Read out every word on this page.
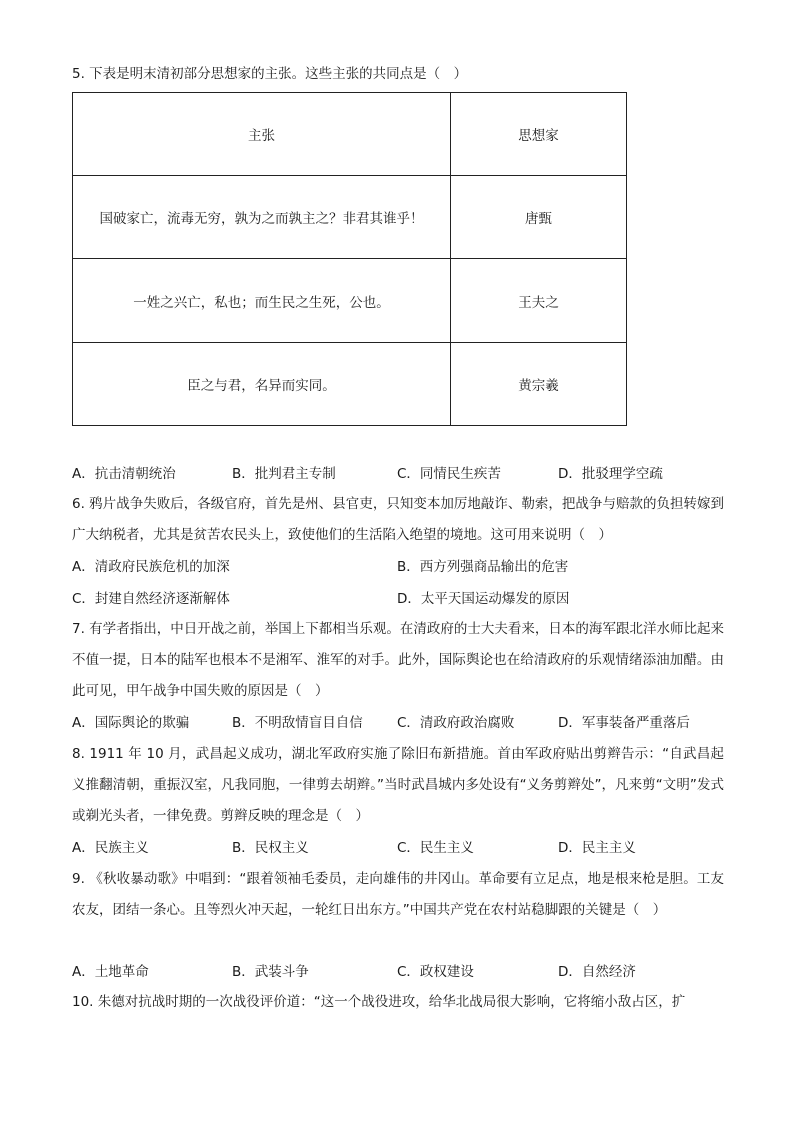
5. 下表是明末清初部分思想家的主张。这些主张的共同点是（　）
主张	思想家
国破家亡，流毒无穷，孰为之而孰主之？非君其谁乎！	唐甄
一姓之兴亡，私也；而生民之生死，公也。	王夫之
臣之与君，名异而实同。	黄宗羲
A．抗击清朝统治	B．批判君主专制	C．同情民生疾苦	D．批驳理学空疏
6. 鸦片战争失败后，各级官府，首先是州、县官吏，只知变本加厉地敲诈、勒索，把战争与赔款的负担转嫁到广大纳税者，尤其是贫苦农民头上，致使他们的生活陷入绝望的境地。这可用来说明（　）
A．清政府民族危机的加深	B．西方列强商品输出的危害
C．封建自然经济逐渐解体	D．太平天国运动爆发的原因
7. 有学者指出，中日开战之前，举国上下都相当乐观。在清政府的士大夫看来，日本的海军跟北洋水师比起来不值一提，日本的陆军也根本不是湘军、淮军的对手。此外，国际舆论也在给清政府的乐观情绪添油加醋。由此可见，甲午战争中国失败的原因是（　）
A．国际舆论的欺骗	B．不明敌情盲目自信	C．清政府政治腐败	D．军事装备严重落后
8. 1911 年 10 月，武昌起义成功，湖北军政府实施了除旧布新措施。首由军政府贴出剪辫告示：“自武昌起义推翻清朝，重振汉室，凡我同胞，一律剪去胡辫。”当时武昌城内多处设有“义务剪辫处”，凡来剪“文明”发式或剃光头者，一律免费。剪辫反映的理念是（　）
A．民族主义	B．民权主义	C．民生主义	D．民主主义
9. 《秋收暴动歌》中唱到：“跟着领袖毛委员，走向雄伟的井冈山。革命要有立足点，地是根来枪是胆。工友农友，团结一条心。且等烈火冲天起，一轮红日出东方。”中国共产党在农村站稳脚跟的关键是（　）
A．土地革命	B．武装斗争	C．政权建设	D．自然经济
10. 朱德对抗战时期的一次战役评价道：“这一个战役进攻，给华北战局很大影响，它将缩小敌占区，扩
